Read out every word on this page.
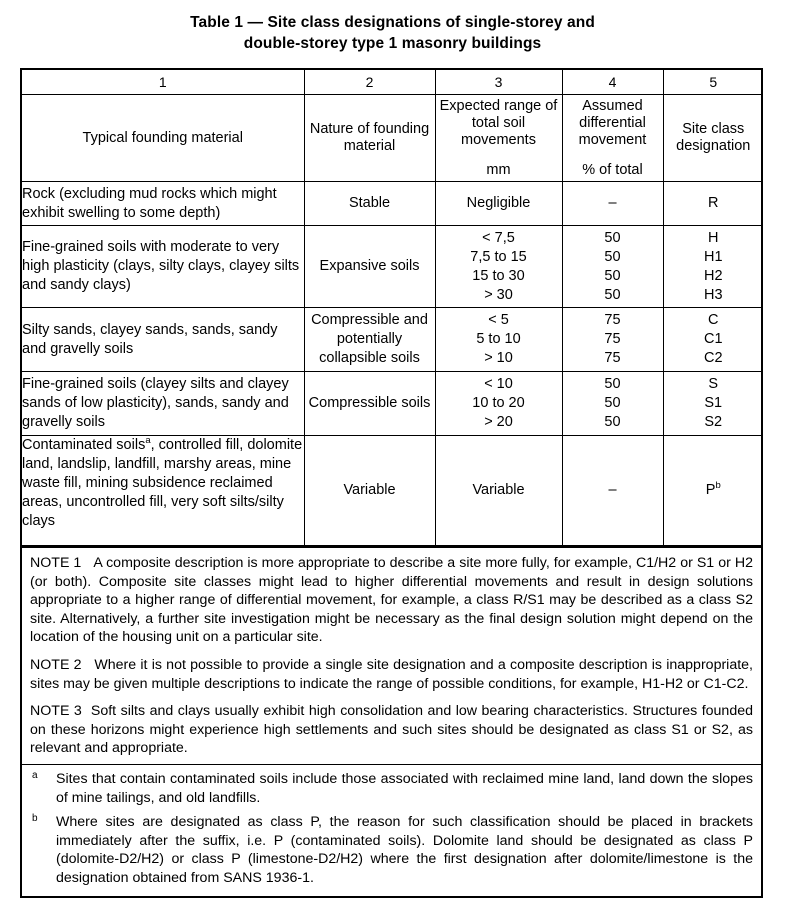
Table 1 — Site class designations of single-storey and
double-storey type 1 masonry buildings
1	2	3	4	5
Typical founding material	Nature of founding material	Expected range of total soil movements
mm	Assumed differential movement
% of total	Site class designation
Rock (excluding mud rocks which might exhibit swelling to some depth)	Stable	Negligible	–	R
Fine-grained soils with moderate to very high plasticity (clays, silty clays, clayey silts and sandy clays)	Expansive soils	< 7,5
7,5 to 15
15 to 30
> 30	50
50
50
50	H
H1
H2
H3

Silty sands, clayey sands, sands, sandy and gravelly soils	Compressible and potentially collapsible soils	< 5
5 to 10
> 10	75
75
75	C
C1
C2

Fine-grained soils (clayey silts and clayey sands of low plasticity), sands, sandy and gravelly soils	Compressible soils	< 10
10 to 20
> 20	50
50
50	S
S1
S2

Contaminated soils$^a$, controlled fill, dolomite land, landslip, landfill, marshy areas, mine waste fill, mining subsidence reclaimed areas, uncontrolled fill, very soft silts/silty clays	Variable	Variable	–	$P^b$

NOTE 1 A composite description is more appropriate to describe a site more fully, for example, C1/H2 or S1 or H2 (or both). Composite site classes might lead to higher differential movements and result in design solutions appropriate to a higher range of differential movement, for example, a class R/S1 may be described as a class S2 site. Alternatively, a further site investigation might be necessary as the final design solution might depend on the location of the housing unit on a particular site.

NOTE 2 Where it is not possible to provide a single site designation and a composite description is inappropriate, sites may be given multiple descriptions to indicate the range of possible conditions, for example, H1-H2 or C1-C2.

NOTE 3 Soft silts and clays usually exhibit high consolidation and low bearing characteristics. Structures founded on these horizons might experience high settlements and such sites should be designated as class S1 or S2, as relevant and appropriate.

a Sites that contain contaminated soils include those associated with reclaimed mine land, land down the slopes of mine tailings, and old landfills.

b Where sites are designated as class P, the reason for such classification should be placed in brackets immediately after the suffix, i.e. P (contaminated soils). Dolomite land should be designated as class P (dolomite-D2/H2) or class P (limestone-D2/H2) where the first designation after dolomite/limestone is the designation obtained from SANS 1936-1.
